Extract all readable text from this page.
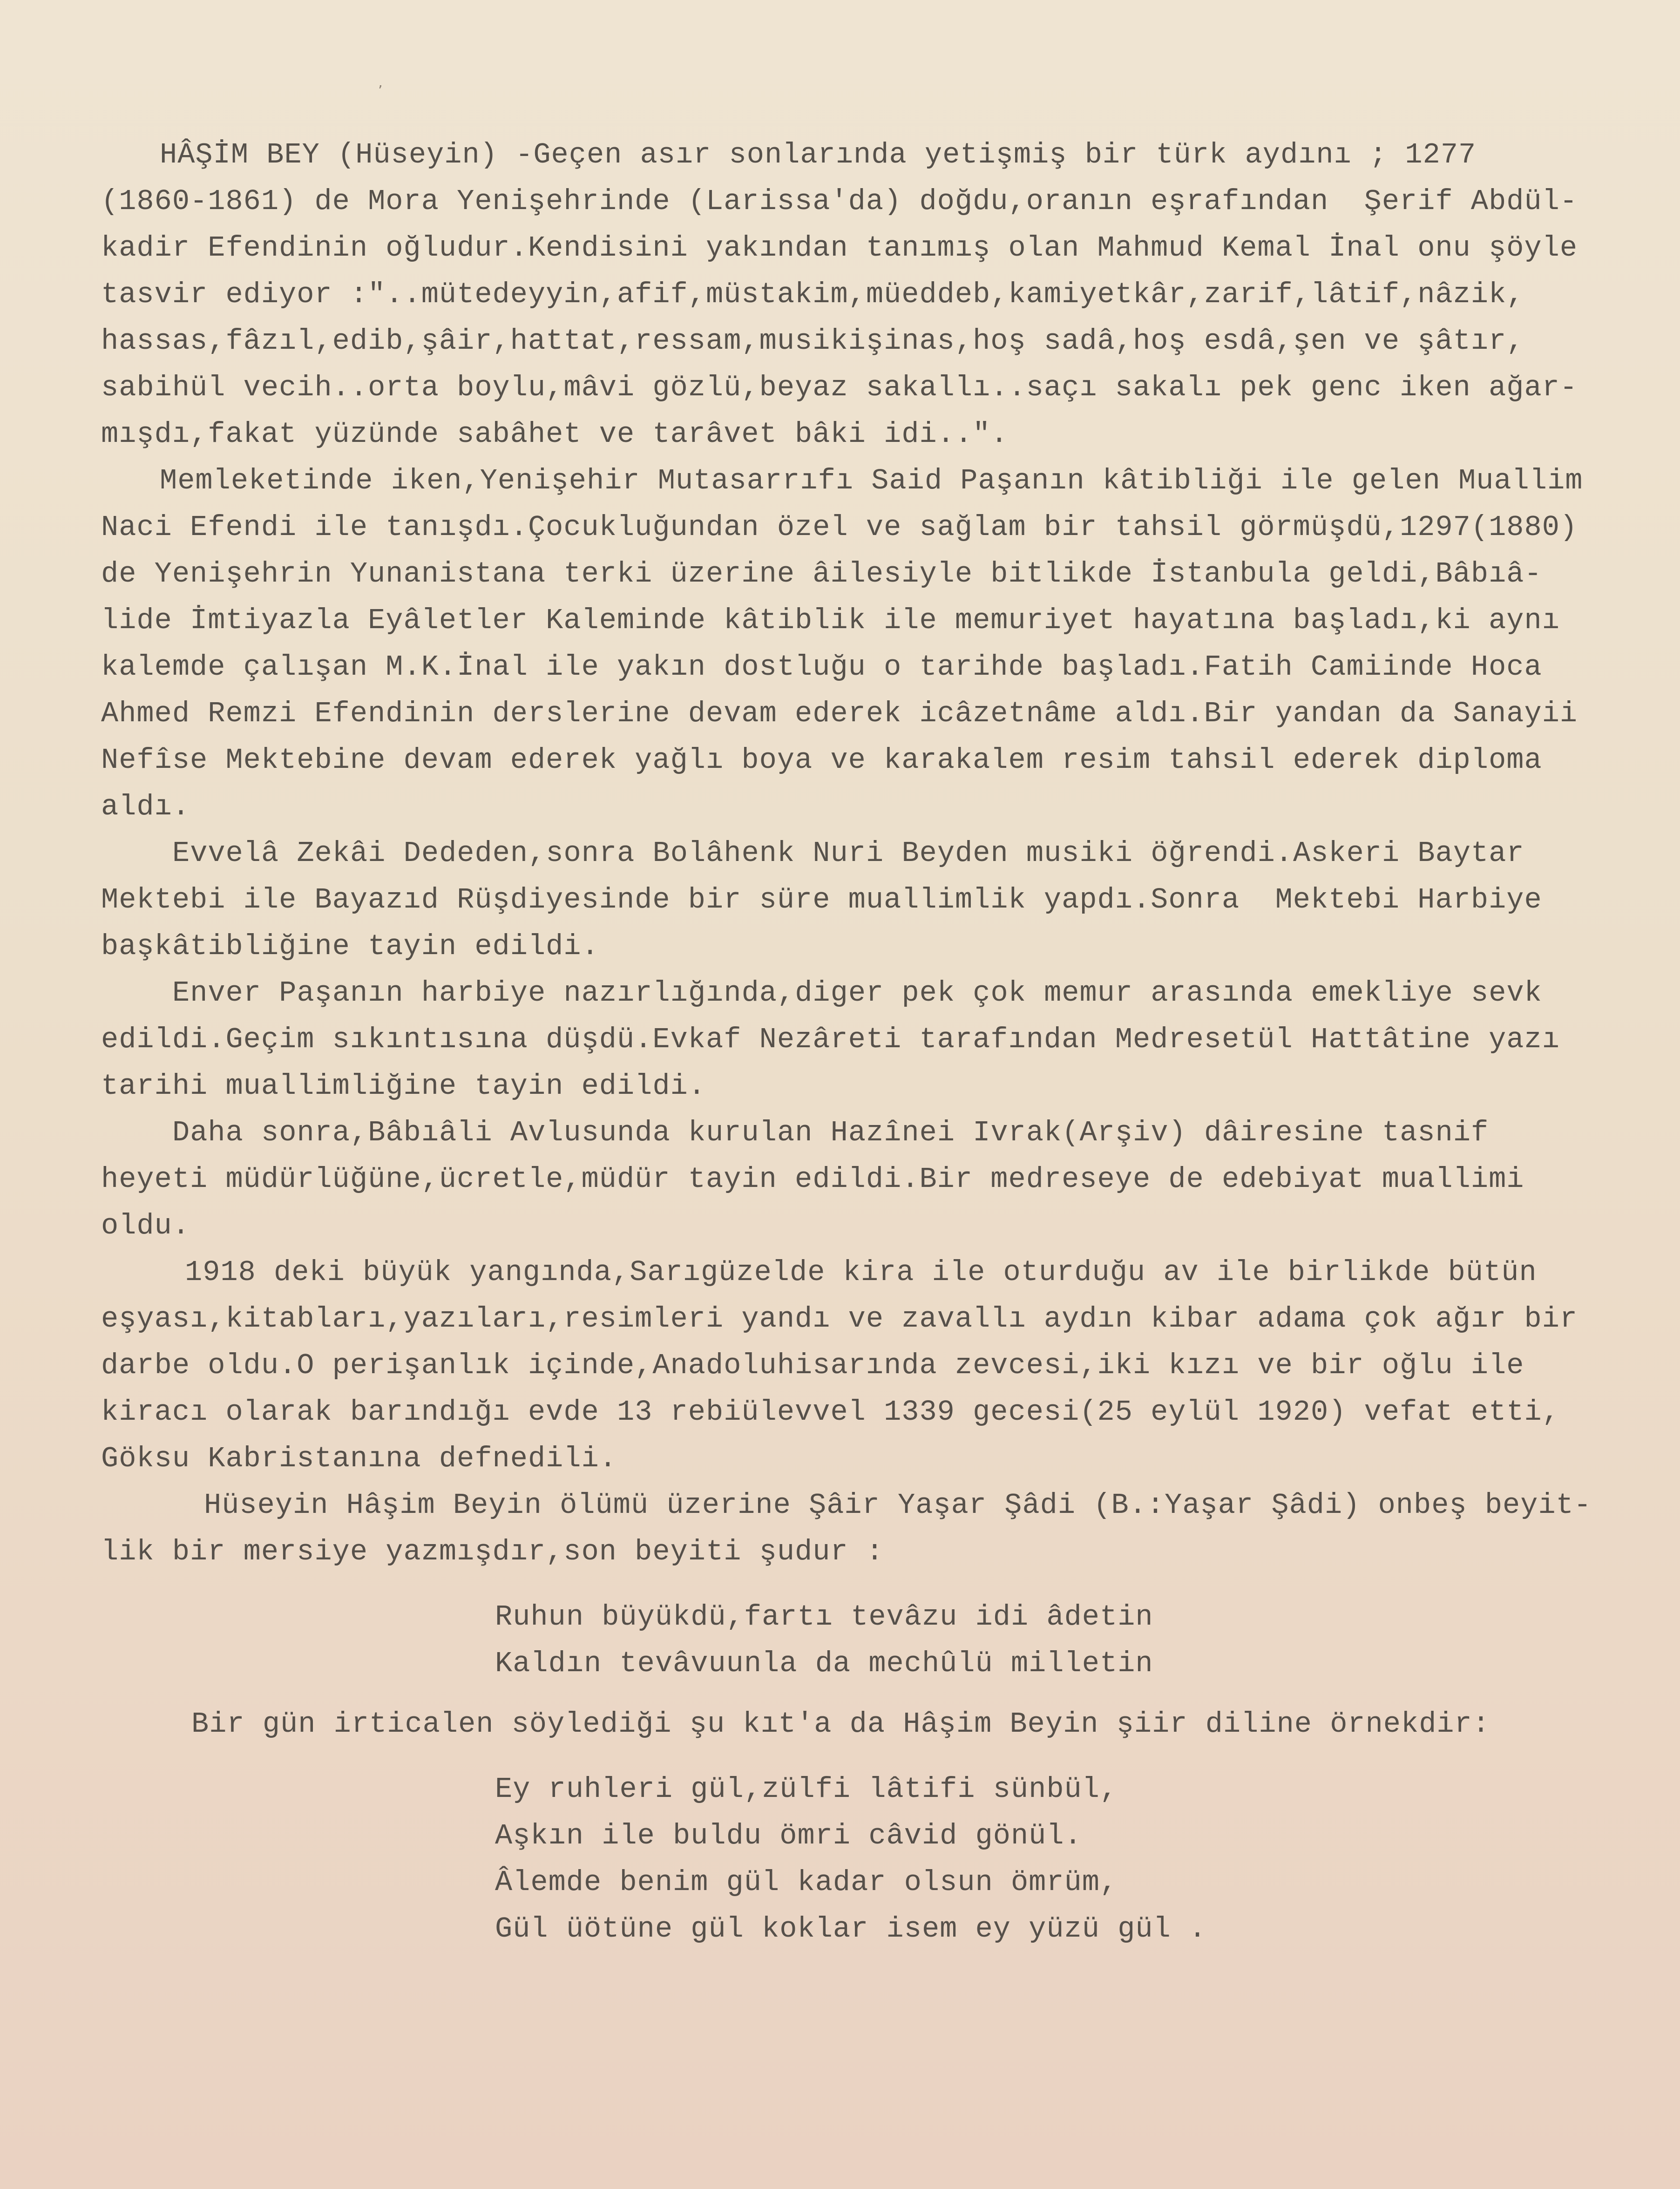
ʼ
HÂŞİM BEY (Hüseyin) -Geçen asır sonlarında yetişmiş bir türk aydını ; 1277
(1860-1861) de Mora Yenişehrinde (Larissa'da) doğdu,oranın eşrafından  Şerif Abdül-
kadir Efendinin oğludur.Kendisini yakından tanımış olan Mahmud Kemal İnal onu şöyle
tasvir ediyor :"..mütedeyyin,afif,müstakim,müeddeb,kamiyetkâr,zarif,lâtif,nâzik,
hassas,fâzıl,edib,şâir,hattat,ressam,musikişinas,hoş sadâ,hoş esdâ,şen ve şâtır,
sabihül vecih..orta boylu,mâvi gözlü,beyaz sakallı..saçı sakalı pek genc iken ağar-
mışdı,fakat yüzünde sabâhet ve tarâvet bâki idi..".
Memleketinde iken,Yenişehir Mutasarrıfı Said Paşanın kâtibliği ile gelen Muallim
Naci Efendi ile tanışdı.Çocukluğundan özel ve sağlam bir tahsil görmüşdü,1297(1880)
de Yenişehrin Yunanistana terki üzerine âilesiyle bitlikde İstanbula geldi,Bâbıâ-
lide İmtiyazla Eyâletler Kaleminde kâtiblik ile memuriyet hayatına başladı,ki aynı
kalemde çalışan M.K.İnal ile yakın dostluğu o tarihde başladı.Fatih Camiinde Hoca
Ahmed Remzi Efendinin derslerine devam ederek icâzetnâme aldı.Bir yandan da Sanayii
Nefîse Mektebine devam ederek yağlı boya ve karakalem resim tahsil ederek diploma
aldı.
Evvelâ Zekâi Dededen,sonra Bolâhenk Nuri Beyden musiki öğrendi.Askeri Baytar
Mektebi ile Bayazıd Rüşdiyesinde bir süre muallimlik yapdı.Sonra  Mektebi Harbiye
başkâtibliğine tayin edildi.
Enver Paşanın harbiye nazırlığında,diger pek çok memur arasında emekliye sevk
edildi.Geçim sıkıntısına düşdü.Evkaf Nezâreti tarafından Medresetül Hattâtine yazı
tarihi muallimliğine tayin edildi.
Daha sonra,Bâbıâli Avlusunda kurulan Hazînei Ivrak(Arşiv) dâiresine tasnif
heyeti müdürlüğüne,ücretle,müdür tayin edildi.Bir medreseye de edebiyat muallimi
oldu.
1918 deki büyük yangında,Sarıgüzelde kira ile oturduğu av ile birlikde bütün
eşyası,kitabları,yazıları,resimleri yandı ve zavallı aydın kibar adama çok ağır bir
darbe oldu.O perişanlık içinde,Anadoluhisarında zevcesi,iki kızı ve bir oğlu ile
kiracı olarak barındığı evde 13 rebiülevvel 1339 gecesi(25 eylül 1920) vefat etti,
Göksu Kabristanına defnedili.
Hüseyin Hâşim Beyin ölümü üzerine Şâir Yaşar Şâdi (B.:Yaşar Şâdi) onbeş beyit-
lik bir mersiye yazmışdır,son beyiti şudur :
Ruhun büyükdü,fartı tevâzu idi âdetin
Kaldın tevâvuunla da mechûlü milletin
Bir gün irticalen söylediği şu kıt'a da Hâşim Beyin şiir diline örnekdir:
Ey ruhleri gül,zülfi lâtifi sünbül,
Aşkın ile buldu ömri câvid gönül.
Âlemde benim gül kadar olsun ömrüm,
Gül üötüne gül koklar isem ey yüzü gül .
